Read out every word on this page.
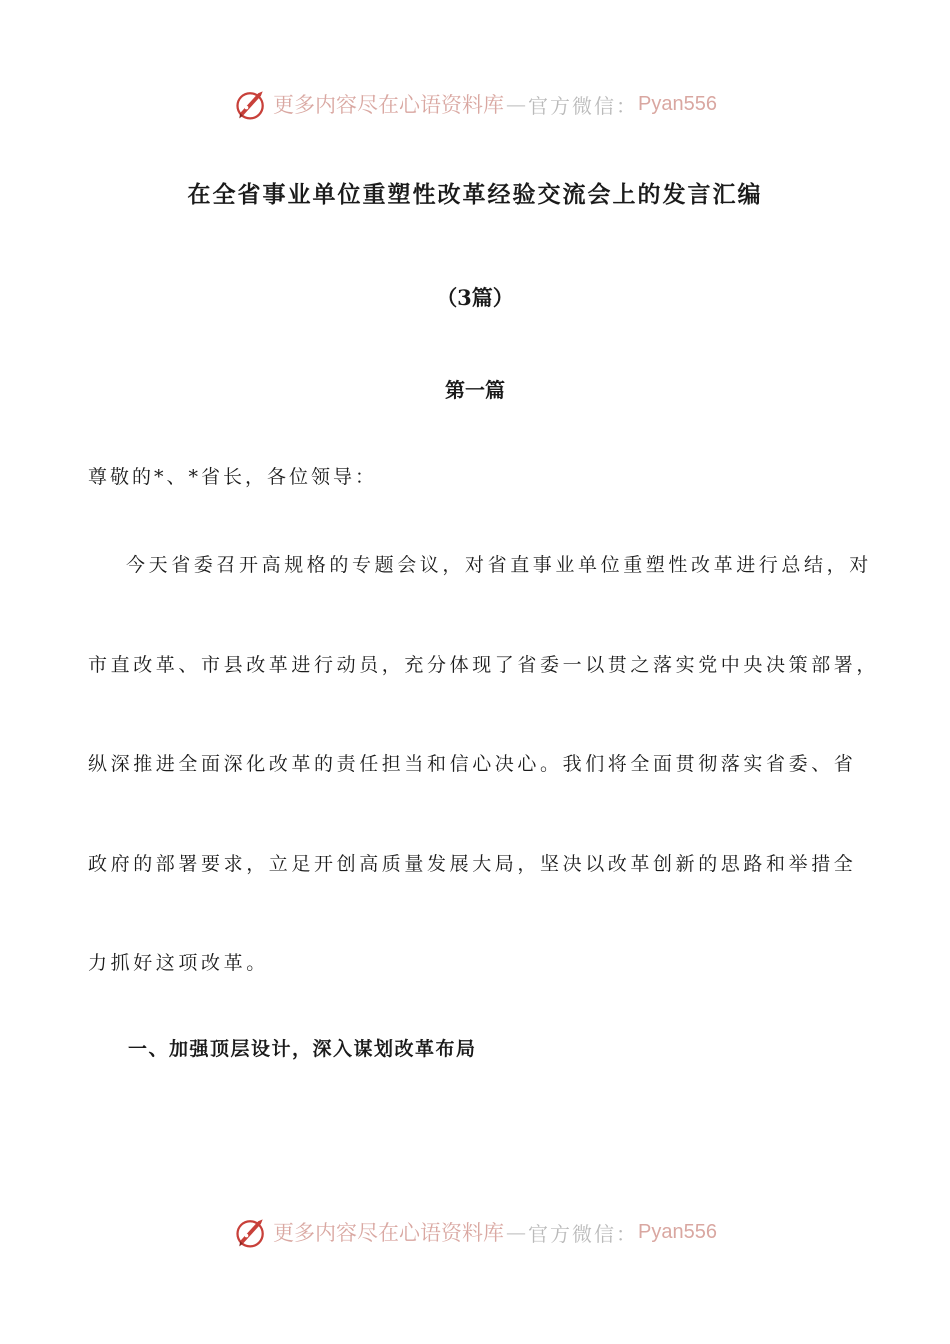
更多内容尽在心语资料库 — 官方微信： Pyan556
在全省事业单位重塑性改革经验交流会上的发言汇编
（3篇）
第一篇
尊敬的*、*省长，各位领导：
今天省委召开高规格的专题会议，对省直事业单位重塑性改革进行总结，对
市直改革、市县改革进行动员，充分体现了省委一以贯之落实党中央决策部署，
纵深推进全面深化改革的责任担当和信心决心。我们将全面贯彻落实省委、省
政府的部署要求，立足开创高质量发展大局，坚决以改革创新的思路和举措全
力抓好这项改革。
一、加强顶层设计，深入谋划改革布局
更多内容尽在心语资料库 — 官方微信： Pyan556
